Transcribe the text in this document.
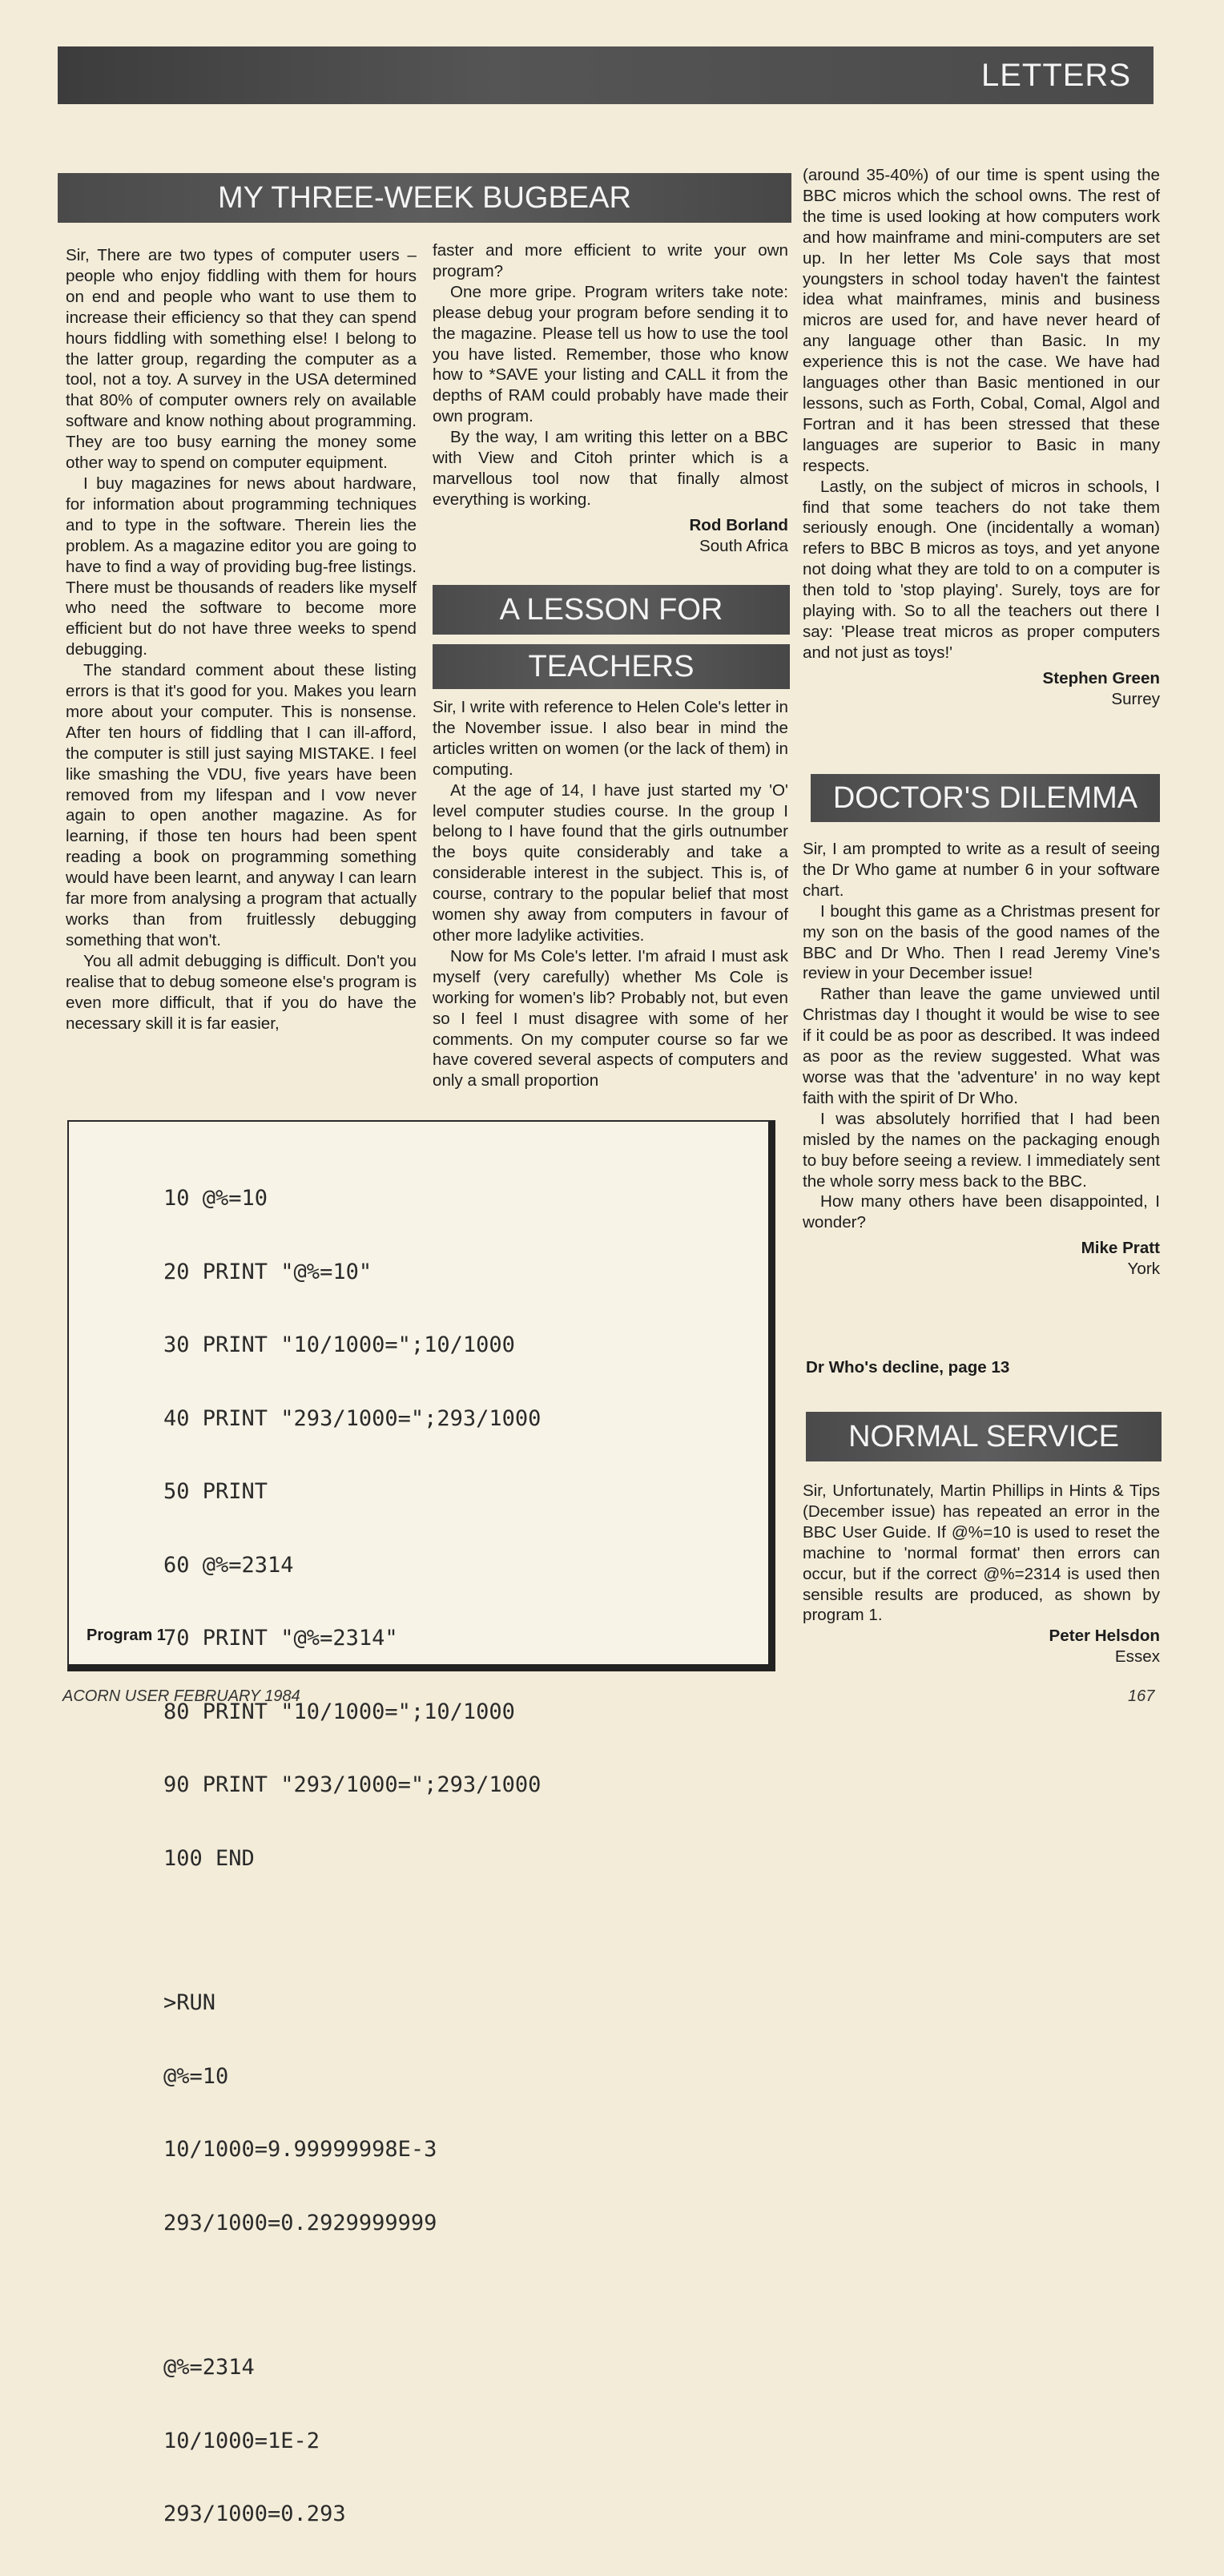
LETTERS
MY THREE-WEEK BUGBEAR

Sir, There are two types of computer users – people who enjoy fiddling with them for hours on end and people who want to use them to increase their efficiency so that they can spend hours fiddling with something else! I belong to the latter group, regarding the computer as a tool, not a toy. A survey in the USA determined that 80% of computer owners rely on available software and know nothing about programming. They are too busy earning the money some other way to spend on computer equipment.

I buy magazines for news about hardware, for information about programming techniques and to type in the software. Therein lies the problem. As a magazine editor you are going to have to find a way of providing bug-free listings. There must be thousands of readers like myself who need the software to become more efficient but do not have three weeks to spend debugging.

The standard comment about these listing errors is that it's good for you. Makes you learn more about your computer. This is nonsense. After ten hours of fiddling that I can ill-afford, the computer is still just saying MISTAKE. I feel like smashing the VDU, five years have been removed from my lifespan and I vow never again to open another magazine. As for learning, if those ten hours had been spent reading a book on programming something would have been learnt, and anyway I can learn far more from analysing a program that actually works than from fruitlessly debugging something that won't.

You all admit debugging is difficult. Don't you realise that to debug someone else's program is even more difficult, that if you do have the necessary skill it is far easier,

faster and more efficient to write your own program?

One more gripe. Program writers take note: please debug your program before sending it to the magazine. Please tell us how to use the tool you have listed. Remember, those who know how to *SAVE your listing and CALL it from the depths of RAM could probably have made their own program.

By the way, I am writing this letter on a BBC with View and Citoh printer which is a marvellous tool now that finally almost everything is working.

Rod Borland

South Africa

A LESSON FOR
TEACHERS

Sir, I write with reference to Helen Cole's letter in the November issue. I also bear in mind the articles written on women (or the lack of them) in computing.

At the age of 14, I have just started my 'O' level computer studies course. In the group I belong to I have found that the girls outnumber the boys quite considerably and take a considerable interest in the subject. This is, of course, contrary to the popular belief that most women shy away from computers in favour of other more ladylike activities.

Now for Ms Cole's letter. I'm afraid I must ask myself (very carefully) whether Ms Cole is working for women's lib? Probably not, but even so I feel I must disagree with some of her comments. On my computer course so far we have covered several aspects of computers and only a small proportion

(around 35-40%) of our time is spent using the BBC micros which the school owns. The rest of the time is used looking at how computers work and how mainframe and mini-computers are set up. In her letter Ms Cole says that most youngsters in school today haven't the faintest idea what mainframes, minis and business micros are used for, and have never heard of any language other than Basic. In my experience this is not the case. We have had languages other than Basic mentioned in our lessons, such as Forth, Cobal, Comal, Algol and Fortran and it has been stressed that these languages are superior to Basic in many respects.

Lastly, on the subject of micros in schools, I find that some teachers do not take them seriously enough. One (incidentally a woman) refers to BBC B micros as toys, and yet anyone not doing what they are told to on a computer is then told to 'stop playing'. Surely, toys are for playing with. So to all the teachers out there I say: 'Please treat micros as proper computers and not just as toys!'

Stephen Green

Surrey

DOCTOR'S DILEMMA

Sir, I am prompted to write as a result of seeing the Dr Who game at number 6 in your software chart.

I bought this game as a Christmas present for my son on the basis of the good names of the BBC and Dr Who. Then I read Jeremy Vine's review in your December issue!

Rather than leave the game unviewed until Christmas day I thought it would be wise to see if it could be as poor as described. It was indeed as poor as the review suggested. What was worse was that the 'adventure' in no way kept faith with the spirit of Dr Who.

I was absolutely horrified that I had been misled by the names on the packaging enough to buy before seeing a review. I immediately sent the whole sorry mess back to the BBC.

How many others have been disappointed, I wonder?

Mike Pratt

York

Dr Who's decline, page 13
NORMAL SERVICE

Sir, Unfortunately, Martin Phillips in Hints & Tips (December issue) has repeated an error in the BBC User Guide. If @%=10 is used to reset the machine to 'normal format' then errors can occur, but if the correct @%=2314 is used then sensible results are produced, as shown by program 1.

Peter Helsdon

Essex

10 @%=10

20 PRINT "@%=10"

30 PRINT "10/1000=";10/1000

40 PRINT "293/1000=";293/1000

50 PRINT

60 @%=2314

70 PRINT "@%=2314"

80 PRINT "10/1000=";10/1000

90 PRINT "293/1000=";293/1000

100 END

>RUN

@%=10

10/1000=9.99999998E-3

293/1000=0.2929999999

@%=2314

10/1000=1E-2

293/1000=0.293

Program 1
ACORN USER FEBRUARY 1984	167
